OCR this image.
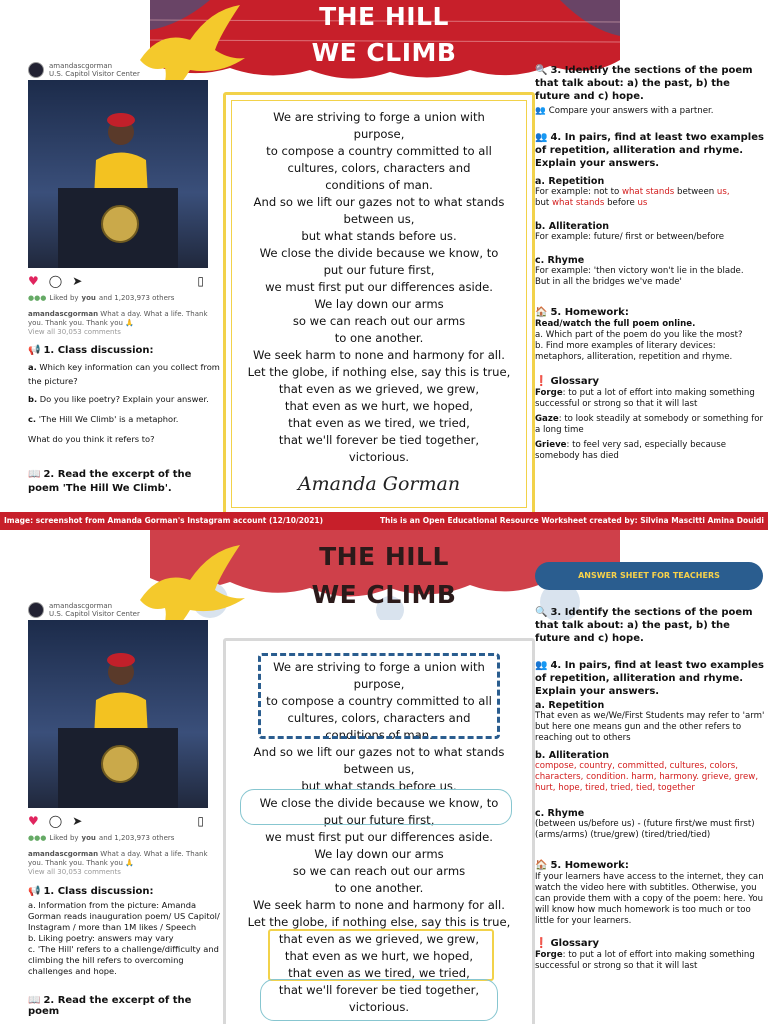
THE HILL
WE CLIMB
amandascgorman
U.S. Capitol Visitor Center
♥ ◯ ➤	▯
●●● Liked by you and 1,203,973 others
amandascgorman What a day. What a life. Thank you. Thank you. Thank you 🙏
View all 30,053 comments
📢 1. Class discussion:
a. Which key information can you collect from the picture?
b. Do you like poetry? Explain your answer.
c. 'The Hill We Climb' is a metaphor.
What do you think it refers to?
📖 2. Read the excerpt of the poem 'The Hill We Climb'.
We are striving to forge a union with
purpose,
to compose a country committed to all
cultures, colors, characters and
conditions of man.
And so we lift our gazes not to what stands
between us,
but what stands before us.
We close the divide because we know, to
put our future first,
we must first put our differences aside.
We lay down our arms
so we can reach out our arms
to one another.
We seek harm to none and harmony for all.
Let the globe, if nothing else, say this is true,
that even as we grieved, we grew,
that even as we hurt, we hoped,
that even as we tired, we tried,
that we'll forever be tied together,
victorious.
Amanda Gorman
🔍 3. Identify the sections of the poem that talk about: a) the past, b) the future and c) hope.
👥 Compare your answers with a partner.
👥 4. In pairs, find at least two examples of repetition, alliteration and rhyme. Explain your answers.
a. Repetition
For example: not to what stands between us,
but what stands before us
b. Alliteration
For example: future/ first or between/before
c. Rhyme
For example: 'then victory won't lie in the blade.
But in all the bridges we've made'
🏠 5. Homework:
Read/watch the full poem online.
a. Which part of the poem do you like the most?
b. Find more examples of literary devices: metaphors, alliteration, repetition and rhyme.
❗ Glossary
Forge: to put a lot of effort into making something successful or strong so that it will last
Gaze: to look steadily at somebody or something for a long time
Grieve: to feel very sad, especially because somebody has died
Image: screenshot from Amanda Gorman's Instagram account (12/10/2021)	This is an Open Educational Resource Worksheet created by: Silvina Mascitti Amina Douidi
THE HILL
WE CLIMB
ANSWER SHEET FOR TEACHERS
amandascgorman
U.S. Capitol Visitor Center
♥ ◯ ➤	▯
●●● Liked by you and 1,203,973 others
amandascgorman What a day. What a life. Thank you. Thank you. Thank you 🙏
View all 30,053 comments
📢 1. Class discussion:
a. Information from the picture: Amanda Gorman reads inauguration poem/ US Capitol/ Instagram / more than 1M likes / Speech
b. Liking poetry: answers may vary
c. 'The Hill' refers to a challenge/difficulty and climbing the hill refers to overcoming challenges and hope.
📖 2. Read the excerpt of the poem
We are striving to forge a union with
purpose,
to compose a country committed to all
cultures, colors, characters and
conditions of man.
And so we lift our gazes not to what stands
between us,
but what stands before us.
We close the divide because we know, to
put our future first,
we must first put our differences aside.
We lay down our arms
so we can reach out our arms
to one another.
We seek harm to none and harmony for all.
Let the globe, if nothing else, say this is true,
that even as we grieved, we grew,
that even as we hurt, we hoped,
that even as we tired, we tried,
that we'll forever be tied together,
victorious.
🔍 3. Identify the sections of the poem that talk about: a) the past, b) the future and c) hope.
👥 4. In pairs, find at least two examples of repetition, alliteration and rhyme. Explain your answers.
a. Repetition
That even as we/We/First Students may refer to 'arm' but here one means gun and the other refers to reaching out to others
b. Alliteration
compose, country, committed, cultures, colors, characters, condition. harm, harmony. grieve, grew, hurt, hope, tired, tried, tied, together
c. Rhyme
(between us/before us) - (future first/we must first) (arms/arms) (true/grew) (tired/tried/tied)
🏠 5. Homework:
If your learners have access to the internet, they can watch the video here with subtitles. Otherwise, you can provide them with a copy of the poem: here. You will know how much homework is too much or too little for your learners.
❗ Glossary
Forge: to put a lot of effort into making something successful or strong so that it will last
